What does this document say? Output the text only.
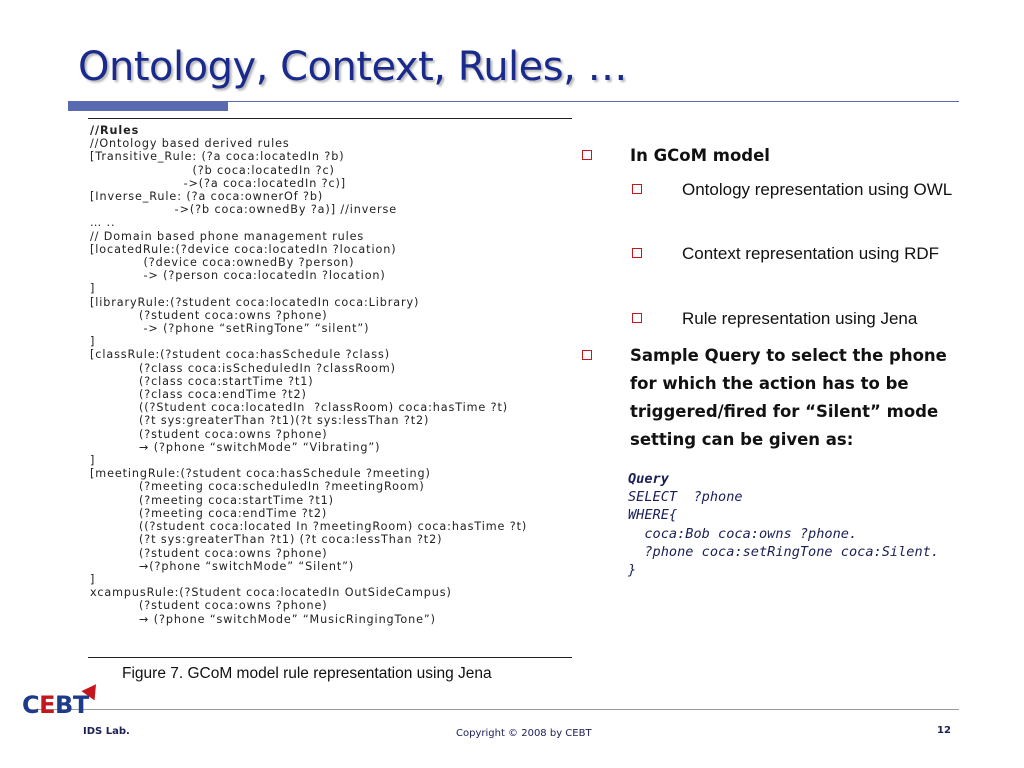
Ontology, Context, Rules, …
//Rules
//Ontology based derived rules
[Transitive_Rule: (?a coca:locatedIn ?b)
(?b coca:locatedIn ?c)
->(?a coca:locatedIn ?c)]
[Inverse_Rule: (?a coca:ownerOf ?b)
->(?b coca:ownedBy ?a)] //inverse
… ..
// Domain based phone management rules
[locatedRule:(?device coca:locatedIn ?location)
(?device coca:ownedBy ?person)
-> (?person coca:locatedIn ?location)
]
[libraryRule:(?student coca:locatedIn coca:Library)
(?student coca:owns ?phone)
-> (?phone “setRingTone” “silent”)
]
[classRule:(?student coca:hasSchedule ?class)
(?class coca:isScheduledIn ?classRoom)
(?class coca:startTime ?t1)
(?class coca:endTime ?t2)
((?Student coca:locatedIn  ?classRoom) coca:hasTime ?t)
(?t sys:greaterThan ?t1)(?t sys:lessThan ?t2)
(?student coca:owns ?phone)
→ (?phone “switchMode” “Vibrating”)
]
[meetingRule:(?student coca:hasSchedule ?meeting)
(?meeting coca:scheduledIn ?meetingRoom)
(?meeting coca:startTime ?t1)
(?meeting coca:endTime ?t2)
((?student coca:located In ?meetingRoom) coca:hasTime ?t)
(?t sys:greaterThan ?t1) (?t coca:lessThan ?t2)
(?student coca:owns ?phone)
→(?phone “switchMode” “Silent”)
]
xcampusRule:(?Student coca:locatedIn OutSideCampus)
(?student coca:owns ?phone)
→ (?phone “switchMode” “MusicRingingTone”)
Figure 7. GCoM model rule representation using Jena
In GCoM model
Ontology representation using OWL
Context representation using RDF
Rule representation using Jena
Sample Query to select the phone for which the action has to be triggered/fired for “Silent” mode setting can be given as:
Query
SELECT ?phone
WHERE{
coca:Bob coca:owns ?phone.
?phone coca:setRingTone coca:Silent.
}
CEBT
IDS Lab.	Copyright © 2008 by CEBT	12
